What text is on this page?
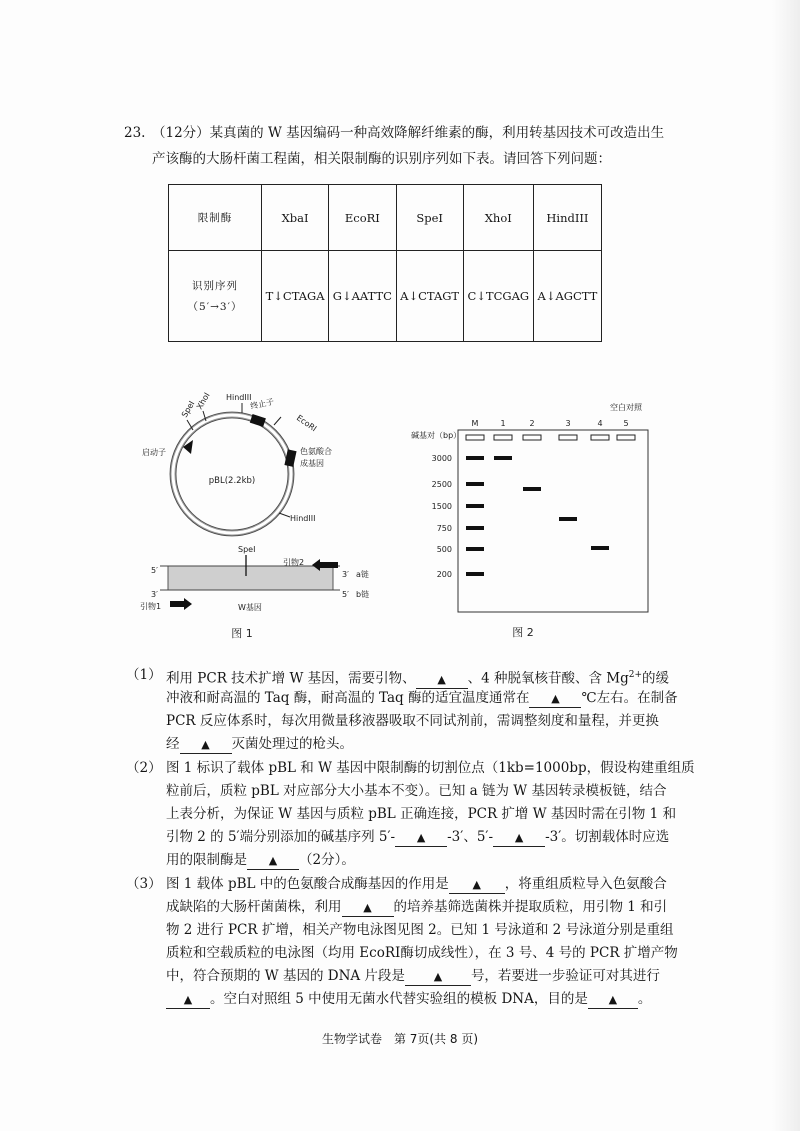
23. （12分）某真菌的 W 基因编码一种高效降解纤维素的酶，利用转基因技术可改造出生
产该酶的大肠杆菌工程菌，相关限制酶的识别序列如下表。请回答下列问题：
限制酶	XbaI	EcoRI	SpeI	XhoI	HindIII

识别序列
（5′→3′）	T↓CTAGA	G↓AATTC	A↓CTAGT	C↓TCGAG	A↓AGCTT
SpeI
XhoI HindIII
终止子
EcoRI
启动子	色氨酸合
成基因
HindIII
pBL(2.2kb)
SpeI
引物2
5′	3′ a链
3′	5′ b链
引物1	W基因
图 1
空白对照
碱基对（bp）
M	1	2	3	4	5
3000
2500
1500
750
500
200
图 2
（1） 利用 PCR 技术扩增 W 基因，需要引物、 ▲ 、4 种脱氧核苷酸、含 $Mg^{2+}$的缓
冲液和耐高温的 Taq 酶，耐高温的 Taq 酶的适宜温度通常在 ▲ ℃左右。在制备
PCR 反应体系时，每次用微量移液器吸取不同试剂前，需调整刻度和量程，并更换
经 ▲ 灭菌处理过的枪头。
（2） 图 1 标识了载体 pBL 和 W 基因中限制酶的切割位点（1kb=1000bp，假设构建重组质
粒前后，质粒 pBL 对应部分大小基本不变）。已知 a 链为 W 基因转录模板链，结合
上表分析，为保证 W 基因与质粒 pBL 正确连接，PCR 扩增 W 基因时需在引物 1 和
引物 2 的 5′端分别添加的碱基序列 5′- ▲ -3′、5′- ▲ -3′。切割载体时应选
用的限制酶是 ▲ （2分）。
（3） 图 1 载体 pBL 中的色氨酸合成酶基因的作用是 ▲ ，将重组质粒导入色氨酸合
成缺陷的大肠杆菌菌株，利用 ▲ 的培养基筛选菌株并提取质粒，用引物 1 和引
物 2 进行 PCR 扩增，相关产物电泳图见图 2。已知 1 号泳道和 2 号泳道分别是重组
质粒和空载质粒的电泳图（均用 EcoRI酶切成线性），在 3 号、4 号的 PCR 扩增产物
中，符合预期的 W 基因的 DNA 片段是	▲ 号，若要进一步验证可对其进行
▲ 。空白对照组 5 中使用无菌水代替实验组的模板 DNA，目的是 ▲ 。
生物学试卷 第 7页(共 8 页)
